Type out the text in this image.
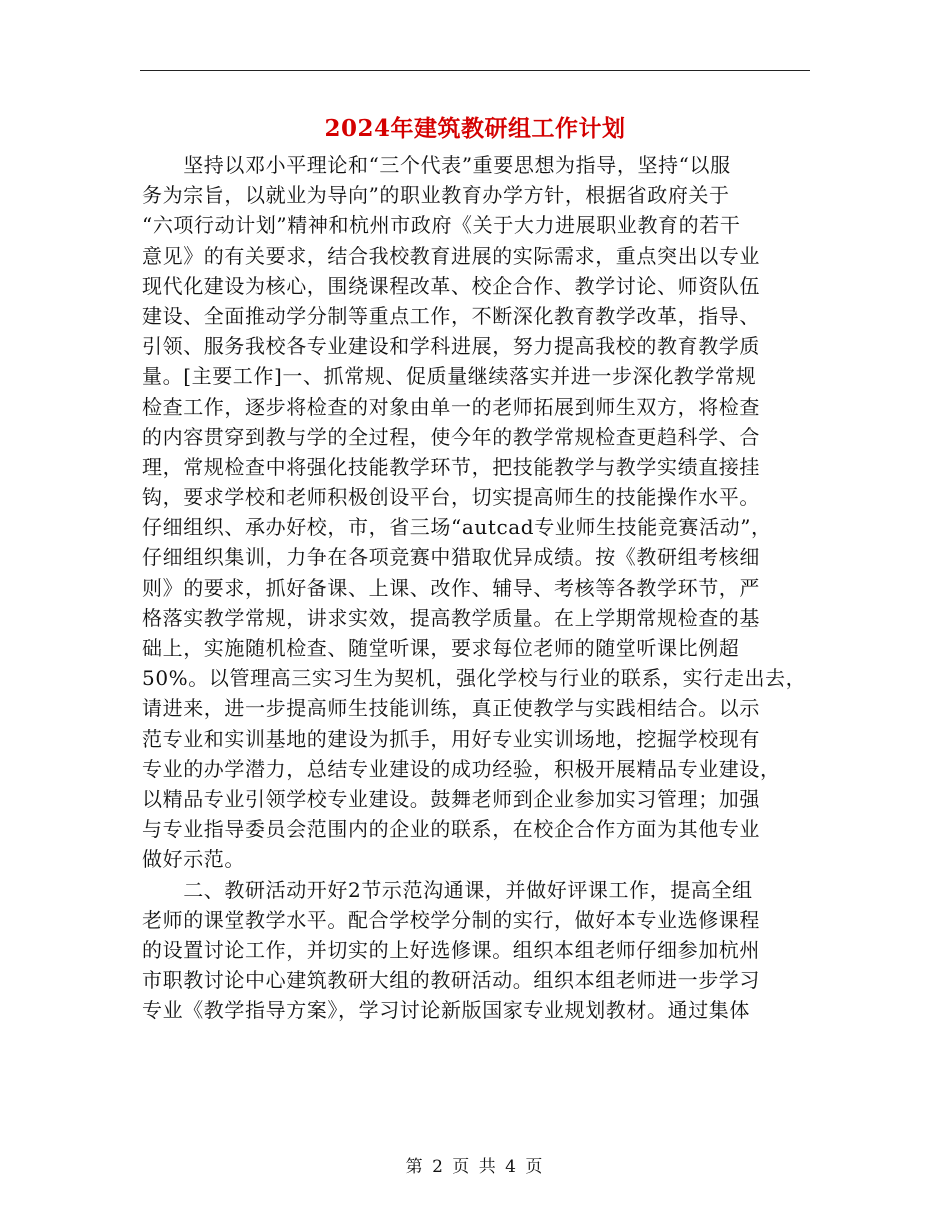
2024年建筑教研组工作计划
　　坚持以邓小平理论和“三个代表”重要思想为指导，坚持“以服
务为宗旨，以就业为导向”的职业教育办学方针，根据省政府关于
“六项行动计划”精神和杭州市政府《关于大力进展职业教育的若干
意见》的有关要求，结合我校教育进展的实际需求，重点突出以专业
现代化建设为核心，围绕课程改革、校企合作、教学讨论、师资队伍
建设、全面推动学分制等重点工作，不断深化教育教学改革，指导、
引领、服务我校各专业建设和学科进展，努力提高我校的教育教学质
量。[主要工作]一、抓常规、促质量继续落实并进一步深化教学常规
检查工作，逐步将检查的对象由单一的老师拓展到师生双方，将检查
的内容贯穿到教与学的全过程，使今年的教学常规检查更趋科学、合
理，常规检查中将强化技能教学环节，把技能教学与教学实绩直接挂
钩，要求学校和老师积极创设平台，切实提高师生的技能操作水平。
仔细组织、承办好校，市，省三场“autcad专业师生技能竞赛活动”，
仔细组织集训，力争在各项竞赛中猎取优异成绩。按《教研组考核细
则》的要求，抓好备课、上课、改作、辅导、考核等各教学环节，严
格落实教学常规，讲求实效，提高教学质量。在上学期常规检查的基
础上，实施随机检查、随堂听课，要求每位老师的随堂听课比例超
50%。以管理高三实习生为契机，强化学校与行业的联系，实行走出去，
请进来，进一步提高师生技能训练，真正使教学与实践相结合。以示
范专业和实训基地的建设为抓手，用好专业实训场地，挖掘学校现有
专业的办学潜力，总结专业建设的成功经验，积极开展精品专业建设，
以精品专业引领学校专业建设。鼓舞老师到企业参加实习管理；加强
与专业指导委员会范围内的企业的联系，在校企合作方面为其他专业
做好示范。
　　二、教研活动开好2节示范沟通课，并做好评课工作，提高全组
老师的课堂教学水平。配合学校学分制的实行，做好本专业选修课程
的设置讨论工作，并切实的上好选修课。组织本组老师仔细参加杭州
市职教讨论中心建筑教研大组的教研活动。组织本组老师进一步学习
专业《教学指导方案》，学习讨论新版国家专业规划教材。通过集体
第 2 页 共 4 页
